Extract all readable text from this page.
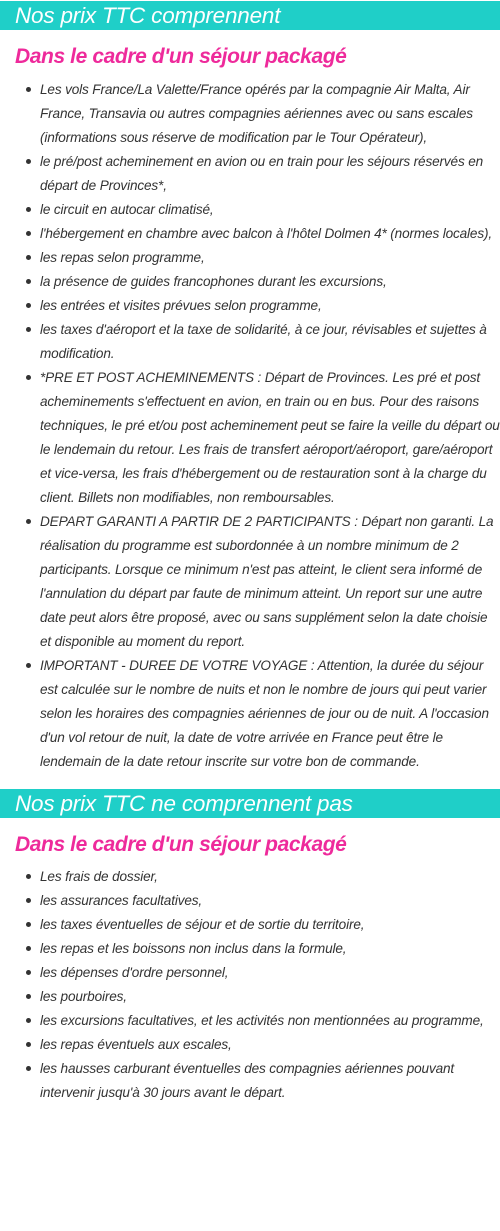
Nos prix TTC comprennent
Dans le cadre d'un séjour packagé
Les vols France/La Valette/France opérés par la compagnie Air Malta, Air France, Transavia ou autres compagnies aériennes avec ou sans escales (informations sous réserve de modification par le Tour Opérateur),
le pré/post acheminement en avion ou en train pour les séjours réservés en départ de Provinces*,
le circuit en autocar climatisé,
l'hébergement en chambre avec balcon à l'hôtel Dolmen 4* (normes locales),
les repas selon programme,
la présence de guides francophones durant les excursions,
les entrées et visites prévues selon programme,
les taxes d'aéroport et la taxe de solidarité, à ce jour, révisables et sujettes à modification.
*PRE ET POST ACHEMINEMENTS : Départ de Provinces. Les pré et post acheminements s'effectuent en avion, en train ou en bus. Pour des raisons techniques, le pré et/ou post acheminement peut se faire la veille du départ ou le lendemain du retour. Les frais de transfert aéroport/aéroport, gare/aéroport et vice-versa, les frais d'hébergement ou de restauration sont à la charge du client. Billets non modifiables, non remboursables.
DEPART GARANTI A PARTIR DE 2 PARTICIPANTS : Départ non garanti. La réalisation du programme est subordonnée à un nombre minimum de 2 participants. Lorsque ce minimum n'est pas atteint, le client sera informé de l'annulation du départ par faute de minimum atteint. Un report sur une autre date peut alors être proposé, avec ou sans supplément selon la date choisie et disponible au moment du report.
IMPORTANT - DUREE DE VOTRE VOYAGE : Attention, la durée du séjour est calculée sur le nombre de nuits et non le nombre de jours qui peut varier selon les horaires des compagnies aériennes de jour ou de nuit. A l'occasion d'un vol retour de nuit, la date de votre arrivée en France peut être le lendemain de la date retour inscrite sur votre bon de commande.
Nos prix TTC ne comprennent pas
Dans le cadre d'un séjour packagé
Les frais de dossier,
les assurances facultatives,
les taxes éventuelles de séjour et de sortie du territoire,
les repas et les boissons non inclus dans la formule,
les dépenses d'ordre personnel,
les pourboires,
les excursions facultatives, et les activités non mentionnées au programme,
les repas éventuels aux escales,
les hausses carburant éventuelles des compagnies aériennes pouvant intervenir jusqu'à 30 jours avant le départ.
